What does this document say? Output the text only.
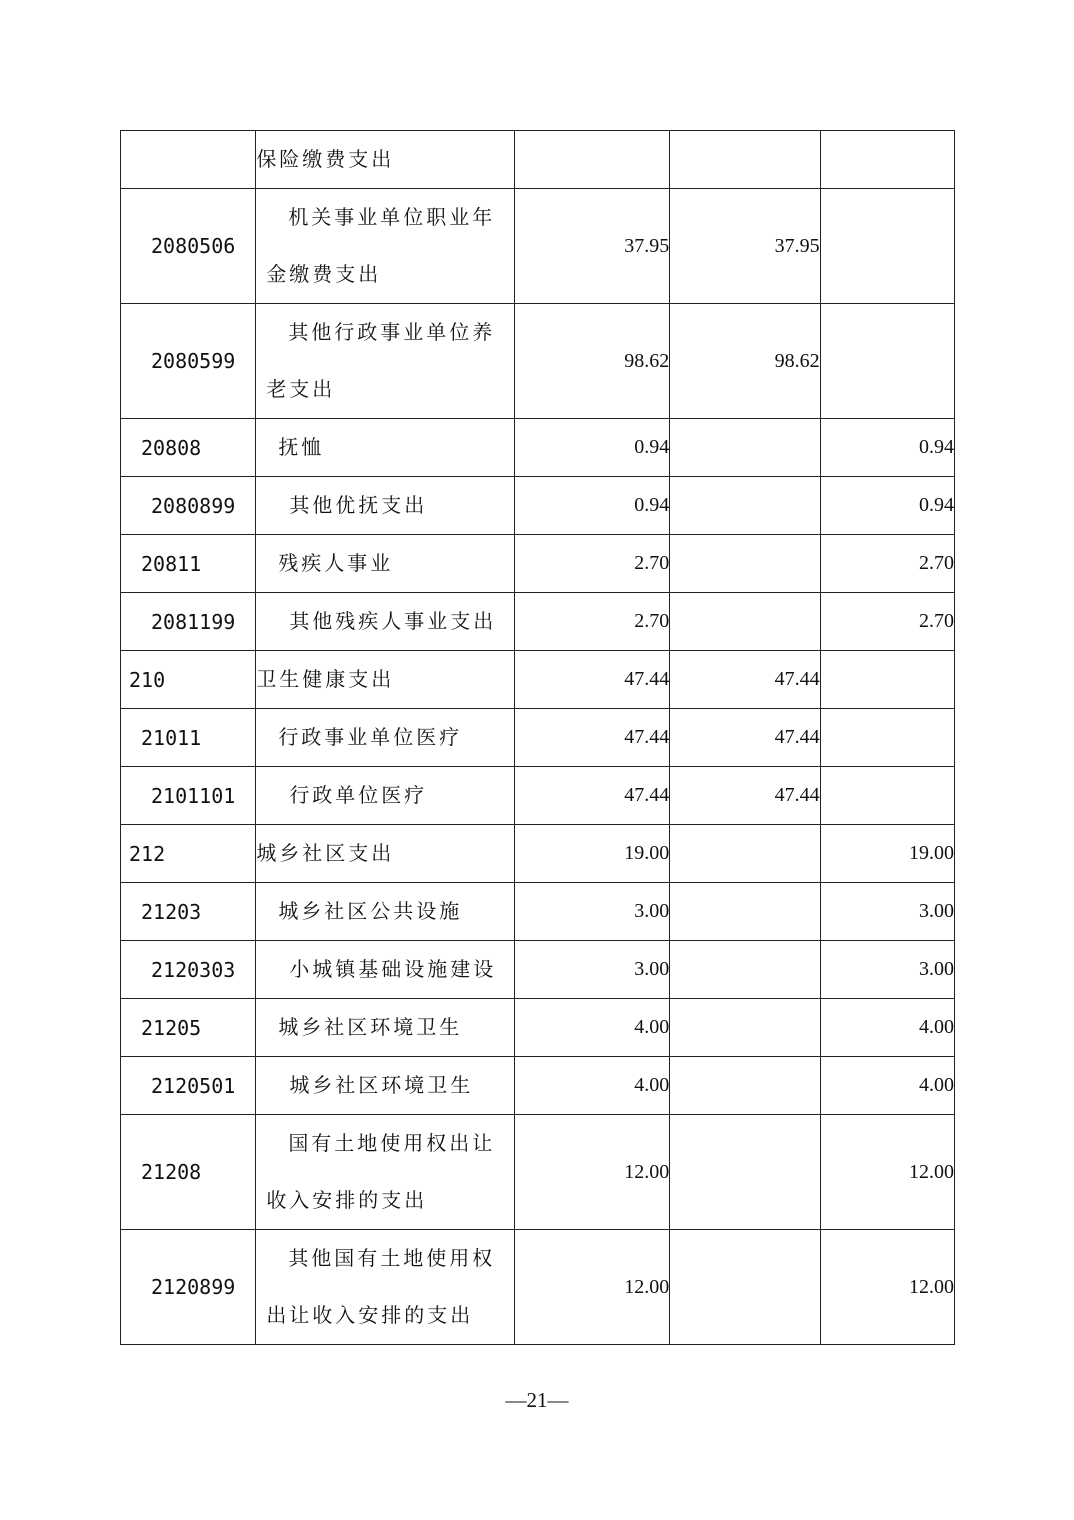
	保险缴费支出			
2080506	机关事业单位职业年金缴费支出	37.95	37.95	
2080599	其他行政事业单位养老支出	98.62	98.62	
20808	抚恤	0.94		0.94
2080899	其他优抚支出	0.94		0.94
20811	残疾人事业	2.70		2.70
2081199	其他残疾人事业支出	2.70		2.70
210	卫生健康支出	47.44	47.44	
21011	行政事业单位医疗	47.44	47.44	
2101101	行政单位医疗	47.44	47.44	
212	城乡社区支出	19.00		19.00
21203	城乡社区公共设施	3.00		3.00
2120303	小城镇基础设施建设	3.00		3.00
21205	城乡社区环境卫生	4.00		4.00
2120501	城乡社区环境卫生	4.00		4.00
21208	国有土地使用权出让收入安排的支出	12.00		12.00
2120899	其他国有土地使用权出让收入安排的支出	12.00		12.00
—21—
